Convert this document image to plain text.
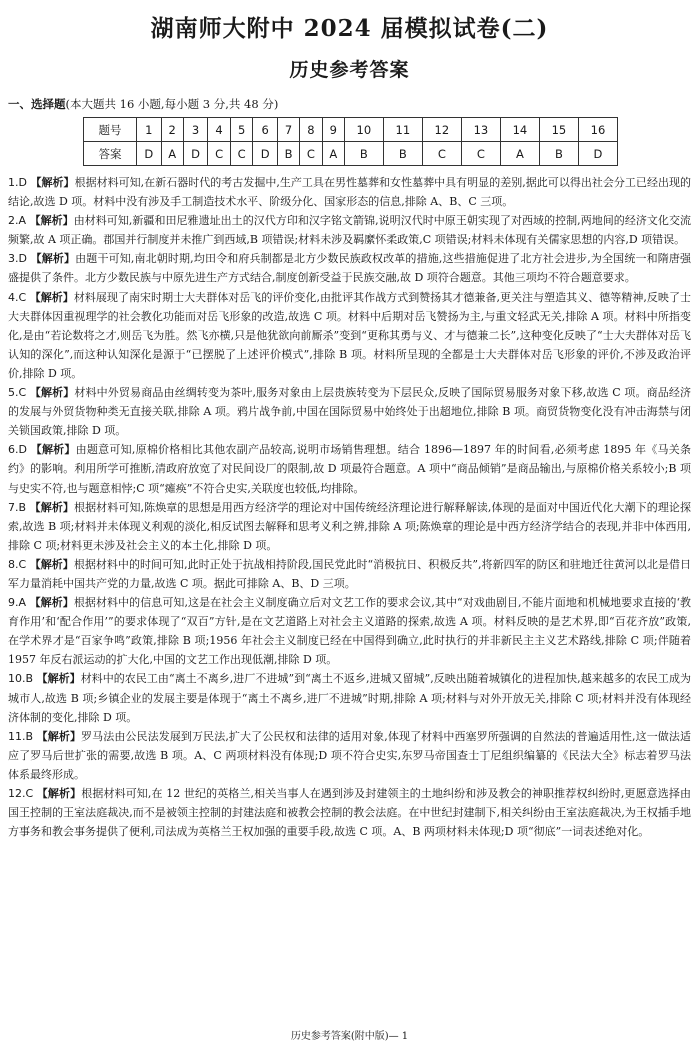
湖南师大附中 2024 届模拟试卷(二)
历史参考答案
一、选择题(本大题共 16 小题,每小题 3 分,共 48 分)
题号	1	2	3	4	5	6	7	8	9	10	11	12	13	14	15	16
答案	D	A	D	C	C	D	B	C	A	B	B	C	C	A	B	D

1.D 【解析】根据材料可知,在新石器时代的考古发掘中,生产工具在男性墓葬和女性墓葬中具有明显的差别,据此可以得出社会分工已经出现的结论,故选 D 项。材料中没有涉及手工制造技术水平、阶级分化、国家形态的信息,排除 A、B、C 三项。

2.A 【解析】由材料可知,新疆和田尼雅遗址出土的汉代方印和汉字铭文箭锦,说明汉代时中原王朝实现了对西域的控制,两地间的经济文化交流频繁,故 A 项正确。郡国并行制度并未推广到西域,B 项错误;材料未涉及羁縻怀柔政策,C 项错误;材料未体现有关儒家思想的内容,D 项错误。

3.D 【解析】由题干可知,南北朝时期,均田令和府兵制都是北方少数民族政权改革的措施,这些措施促进了北方社会进步,为全国统一和隋唐强盛提供了条件。北方少数民族与中原先进生产方式结合,制度创新受益于民族交融,故 D 项符合题意。其他三项均不符合题意要求。

4.C 【解析】材料展现了南宋时期士大夫群体对岳飞的评价变化,由批评其作战方式到赞扬其才德兼备,更关注与塑造其义、德等精神,反映了士大夫群体因重视理学的社会教化功能而对岳飞形象的改造,故选 C 项。材料中后期对岳飞赞扬为主,与重文轻武无关,排除 A 项。材料中所指变化,是由“若论数将之才,则岳飞为胜。然飞亦横,只是他犹欲向前厮杀”变到“更称其勇与义、才与德兼二长”,这种变化反映了“士大夫群体对岳飞认知的深化”,而这种认知深化是源于“已摆脱了上述评价模式”,排除 B 项。材料所呈现的全都是士大夫群体对岳飞形象的评价,不涉及政治评价,排除 D 项。

5.C 【解析】材料中外贸易商品由丝绸转变为茶叶,服务对象由上层贵族转变为下层民众,反映了国际贸易服务对象下移,故选 C 项。商品经济的发展与外贸货物种类无直接关联,排除 A 项。鸦片战争前,中国在国际贸易中始终处于出超地位,排除 B 项。商贸货物变化没有冲击海禁与闭关锁国政策,排除 D 项。

6.D 【解析】由题意可知,原棉价格相比其他农副产品较高,说明市场销售理想。结合 1896—1897 年的时间看,必须考虑 1895 年《马关条约》的影响。利用所学可推断,清政府放宽了对民间设厂的限制,故 D 项最符合题意。A 项中“商品倾销”是商品输出,与原棉价格关系较小;B 项与史实不符,也与题意相悖;C 项“瘫痪”不符合史实,关联度也较低,均排除。

7.B 【解析】根据材料可知,陈焕章的思想是用西方经济学的理论对中国传统经济理论进行解释解读,体现的是面对中国近代化大潮下的理论探索,故选 B 项;材料并未体现义利观的淡化,相反试图去解释和思考义利之辨,排除 A 项;陈焕章的理论是中西方经济学结合的表现,并非中体西用,排除 C 项;材料更未涉及社会主义的本土化,排除 D 项。

8.C 【解析】根据材料中的时间可知,此时正处于抗战相持阶段,国民党此时“消极抗日、积极反共”,将新四军的防区和驻地迁往黄河以北是借日军力量消耗中国共产党的力量,故选 C 项。据此可排除 A、B、D 三项。

9.A 【解析】根据材料中的信息可知,这是在社会主义制度确立后对文艺工作的要求会议,其中“对戏曲剧目,不能片面地和机械地要求直接的‘教育作用’和‘配合作用’”的要求体现了“双百”方针,是在文艺道路上对社会主义道路的探索,故选 A 项。材料反映的是艺术界,即“百花齐放”政策,在学术界才是“百家争鸣”政策,排除 B 项;1956 年社会主义制度已经在中国得到确立,此时执行的并非新民主主义艺术路线,排除 C 项;伴随着 1957 年反右派运动的扩大化,中国的文艺工作出现低潮,排除 D 项。

10.B 【解析】材料中的农民工由“离土不离乡,进厂不进城”到“离土不返乡,进城又留城”,反映出随着城镇化的进程加快,越来越多的农民工成为城市人,故选 B 项;乡镇企业的发展主要是体现于“离土不离乡,进厂不进城”时期,排除 A 项;材料与对外开放无关,排除 C 项;材料并没有体现经济体制的变化,排除 D 项。

11.B 【解析】罗马法由公民法发展到万民法,扩大了公民权和法律的适用对象,体现了材料中西塞罗所强调的自然法的普遍适用性,这一做法适应了罗马后世扩张的需要,故选 B 项。A、C 两项材料没有体现;D 项不符合史实,东罗马帝国查士丁尼组织编纂的《民法大全》标志着罗马法体系最终形成。

12.C 【解析】根据材料可知,在 12 世纪的英格兰,相关当事人在遇到涉及封建领主的土地纠纷和涉及教会的神职推荐权纠纷时,更愿意选择由国王控制的王室法庭裁决,而不是被领主控制的封建法庭和被教会控制的教会法庭。在中世纪封建制下,相关纠纷由王室法庭裁决,为王权插手地方事务和教会事务提供了便利,司法成为英格兰王权加强的重要手段,故选 C 项。A、B 两项材料未体现;D 项“彻底”一词表述绝对化。

历史参考答案(附中版)— 1
